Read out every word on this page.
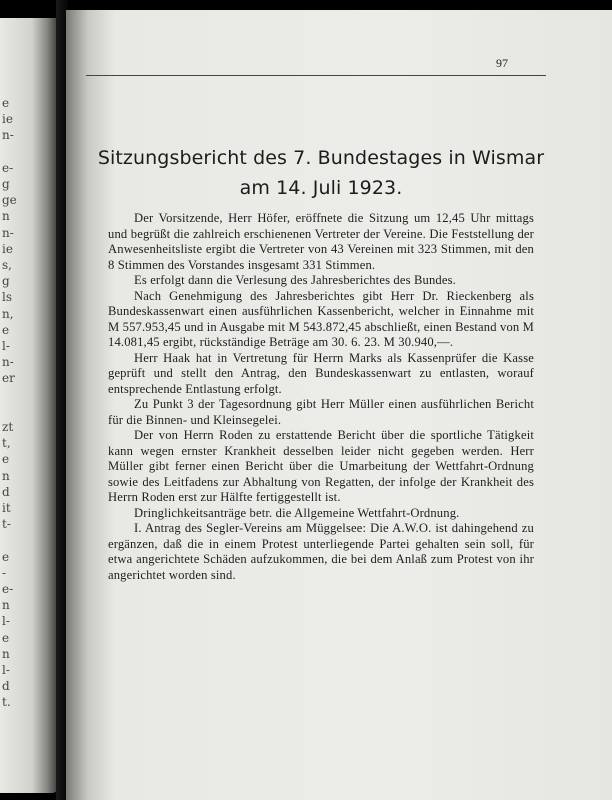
e
ie
n-
e-
g
ge
n
n-
ie
s,
g
ls
n,
e
l-
n-
er
zt
t,
e
n
d
it
t-
e
-
e-
n
l-
e
n
l-
d
t.
97
Sitzungsbericht des 7. Bundestages in Wismar
am 14. Juli 1923.

Der Vorsitzende, Herr Höfer, eröffnete die Sitzung um 12,45 Uhr mittags und begrüßt die zahlreich erschienenen Vertreter der Vereine. Die Feststellung der Anwesenheitsliste ergibt die Vertreter von 43 Vereinen mit 323 Stimmen, mit den 8 Stimmen des Vorstandes insgesamt 331 Stimmen.

Es erfolgt dann die Verlesung des Jahresberichtes des Bundes.

Nach Genehmigung des Jahresberichtes gibt Herr Dr. Rieckenberg als Bundeskassenwart einen ausführlichen Kassenbericht, welcher in Einnahme mit M 557.953,45 und in Ausgabe mit M 543.872,45 abschließt, einen Bestand von M 14.081,45 ergibt, rückständige Beträge am 30. 6. 23. M 30.940,—.

Herr Haak hat in Vertretung für Herrn Marks als Kassenprüfer die Kasse geprüft und stellt den Antrag, den Bundeskassenwart zu entlasten, worauf entsprechende Entlastung erfolgt.

Zu Punkt 3 der Tagesordnung gibt Herr Müller einen ausführlichen Bericht für die Binnen- und Kleinsegelei.

Der von Herrn Roden zu erstattende Bericht über die sportliche Tätigkeit kann wegen ernster Krankheit desselben leider nicht gegeben werden. Herr Müller gibt ferner einen Bericht über die Umarbeitung der Wettfahrt-Ordnung sowie des Leitfadens zur Abhaltung von Regatten, der infolge der Krankheit des Herrn Roden erst zur Hälfte fertiggestellt ist.

Dringlichkeitsanträge betr. die Allgemeine Wettfahrt-Ordnung.

I. Antrag des Segler-Vereins am Müggelsee: Die A.W.O. ist dahingehend zu ergänzen, daß die in einem Protest unterliegende Partei gehalten sein soll, für etwa angerichtete Schäden aufzukommen, die bei dem Anlaß zum Protest von ihr angerichtet worden sind.
